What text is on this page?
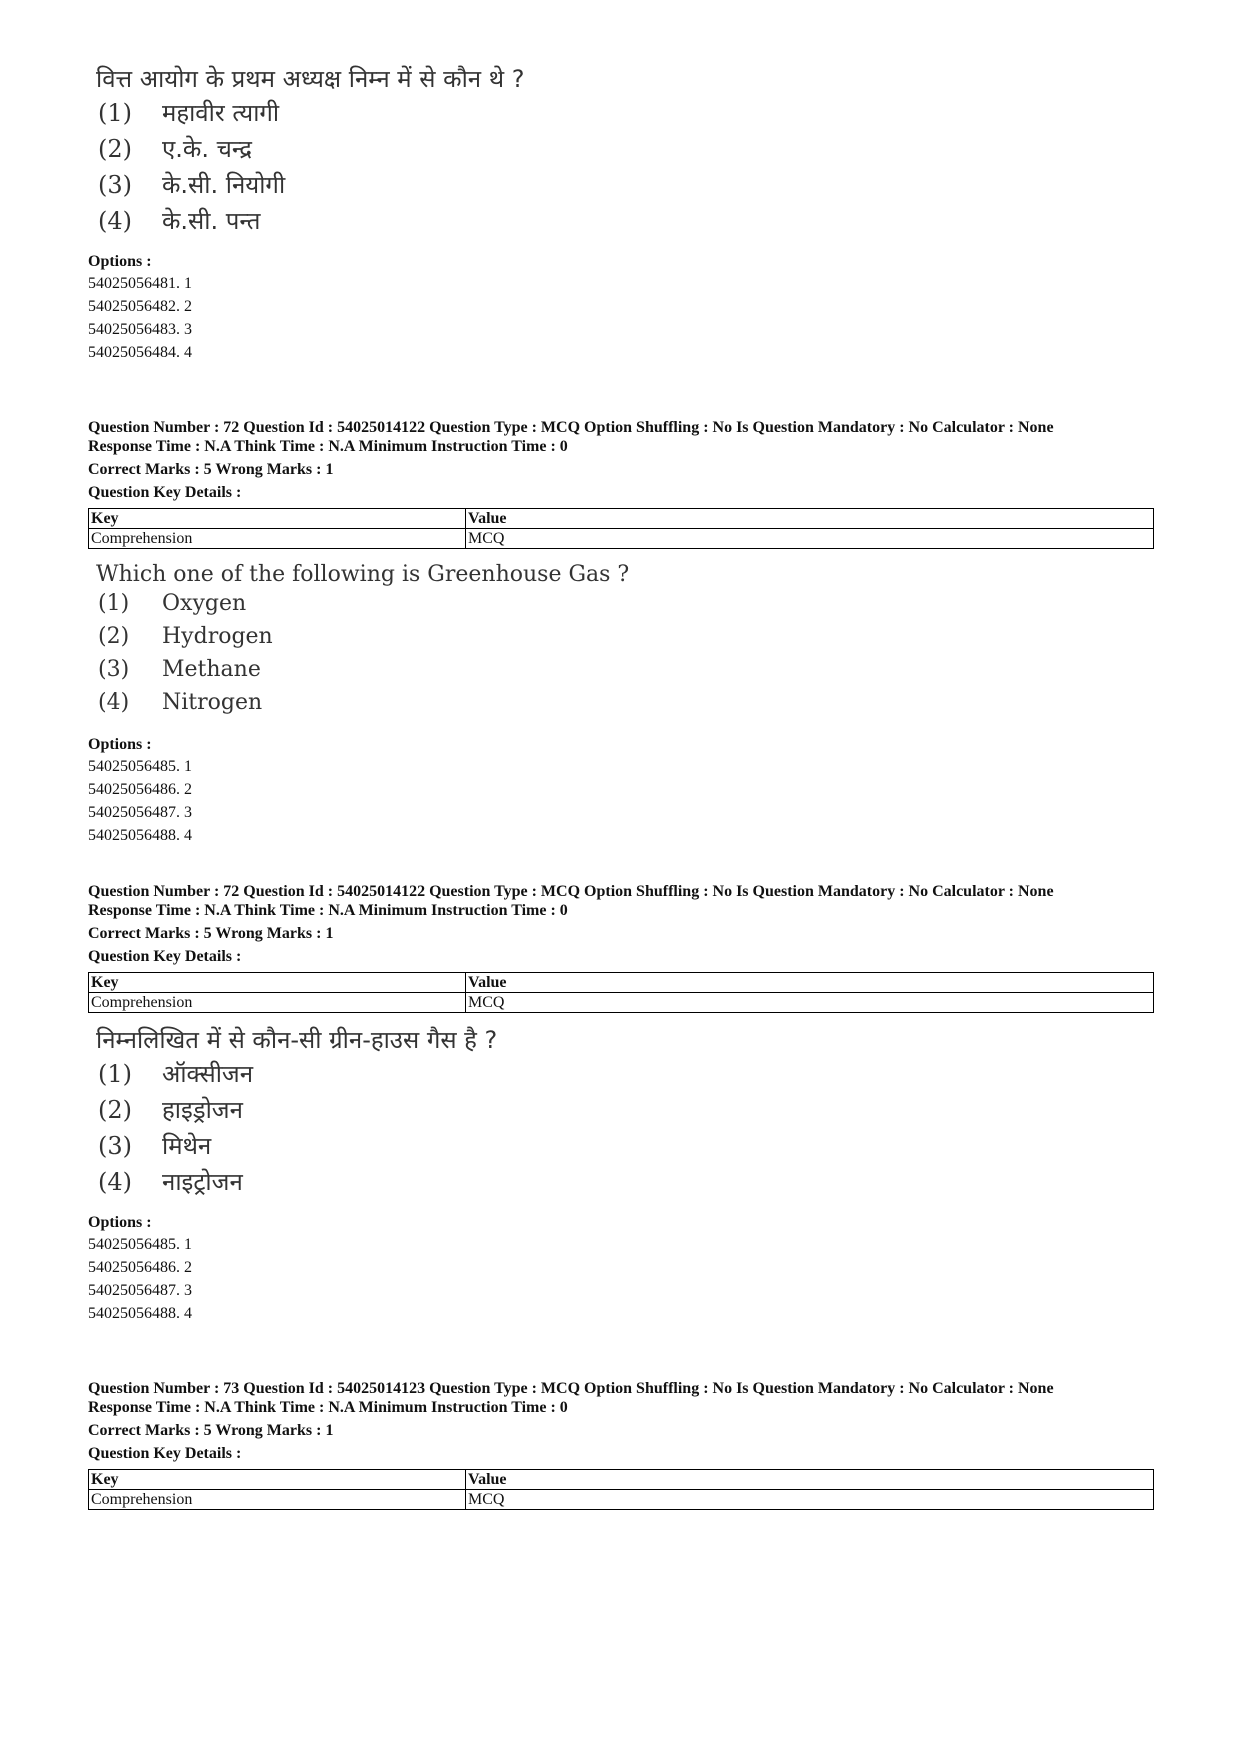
वित्त आयोग के प्रथम अध्यक्ष निम्न में से कौन थे ?

(1)	महावीर त्यागी
(2)	ए.के. चन्द्र
(3)	के.सी. नियोगी
(4)	के.सी. पन्त

Options :

54025056481. 1

54025056482. 2

54025056483. 3

54025056484. 4

Question Number : 72 Question Id : 54025014122 Question Type : MCQ Option Shuffling : No Is Question Mandatory : No Calculator : None

Response Time : N.A Think Time : N.A Minimum Instruction Time : 0

Correct Marks : 5 Wrong Marks : 1

Question Key Details :

Key	Value
Comprehension	MCQ

Which one of the following is Greenhouse Gas ?

(1)	Oxygen
(2)	Hydrogen
(3)	Methane
(4)	Nitrogen

Options :

54025056485. 1

54025056486. 2

54025056487. 3

54025056488. 4

Question Number : 72 Question Id : 54025014122 Question Type : MCQ Option Shuffling : No Is Question Mandatory : No Calculator : None

Response Time : N.A Think Time : N.A Minimum Instruction Time : 0

Correct Marks : 5 Wrong Marks : 1

Question Key Details :

Key	Value
Comprehension	MCQ

निम्नलिखित में से कौन-सी ग्रीन-हाउस गैस है ?

(1)	ऑक्सीजन
(2)	हाइड्रोजन
(3)	मिथेन
(4)	नाइट्रोजन

Options :

54025056485. 1

54025056486. 2

54025056487. 3

54025056488. 4

Question Number : 73 Question Id : 54025014123 Question Type : MCQ Option Shuffling : No Is Question Mandatory : No Calculator : None

Response Time : N.A Think Time : N.A Minimum Instruction Time : 0

Correct Marks : 5 Wrong Marks : 1

Question Key Details :

Key	Value
Comprehension	MCQ
